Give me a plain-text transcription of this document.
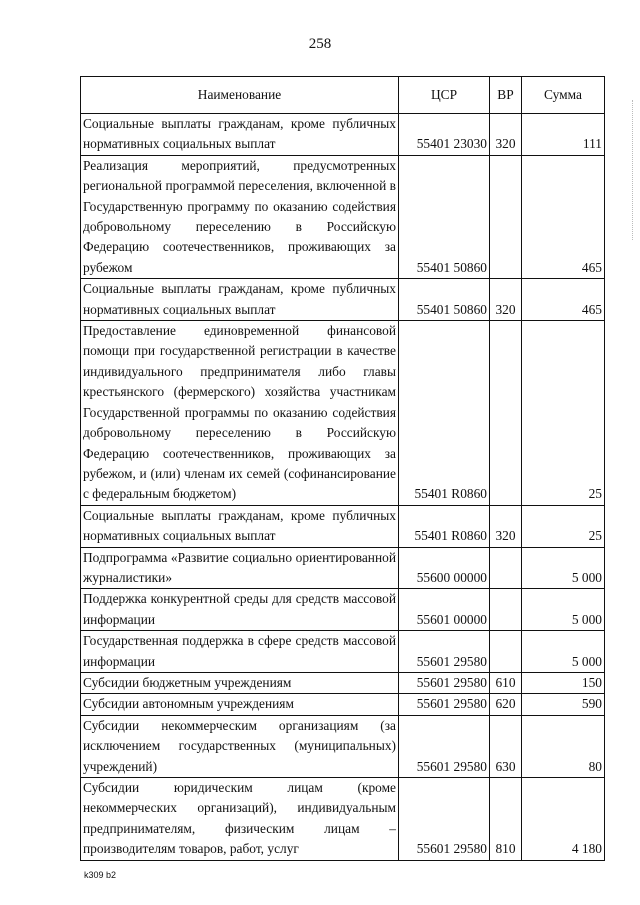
258
Наименование	ЦСР	ВР	Сумма
Социальные выплаты гражданам, кроме публичных нормативных социальных выплат	55401 23030	320	111
Реализация мероприятий, предусмотренных региональной программой переселения, включенной в Государственную программу по оказанию содействия добровольному переселению в Российскую Федерацию соотечественников, проживающих за рубежом	55401 50860		465
Социальные выплаты гражданам, кроме публичных нормативных социальных выплат	55401 50860	320	465
Предоставление единовременной финансовой помощи при государственной регистрации в качестве индивидуального предпринимателя либо главы крестьянского (фермерского) хозяйства участникам Государственной программы по оказанию содействия добровольному переселению в Российскую Федерацию соотечественников, проживающих за рубежом, и (или) членам их семей (софинансирование с федеральным бюджетом)	55401 R0860		25
Социальные выплаты гражданам, кроме публичных нормативных социальных выплат	55401 R0860	320	25
Подпрограмма «Развитие социально ориентированной журналистики»	55600 00000		5 000
Поддержка конкурентной среды для средств массовой информации	55601 00000		5 000
Государственная поддержка в сфере средств массовой информации	55601 29580		5 000
Субсидии бюджетным учреждениям	55601 29580	610	150
Субсидии автономным учреждениям	55601 29580	620	590
Субсидии некоммерческим организациям (за исключением государственных (муниципальных) учреждений)	55601 29580	630	80
Субсидии юридическим лицам (кроме некоммерческих организаций), индивидуальным предпринимателям, физическим лицам – производителям товаров, работ, услуг	55601 29580	810	4 180
k309 b2
